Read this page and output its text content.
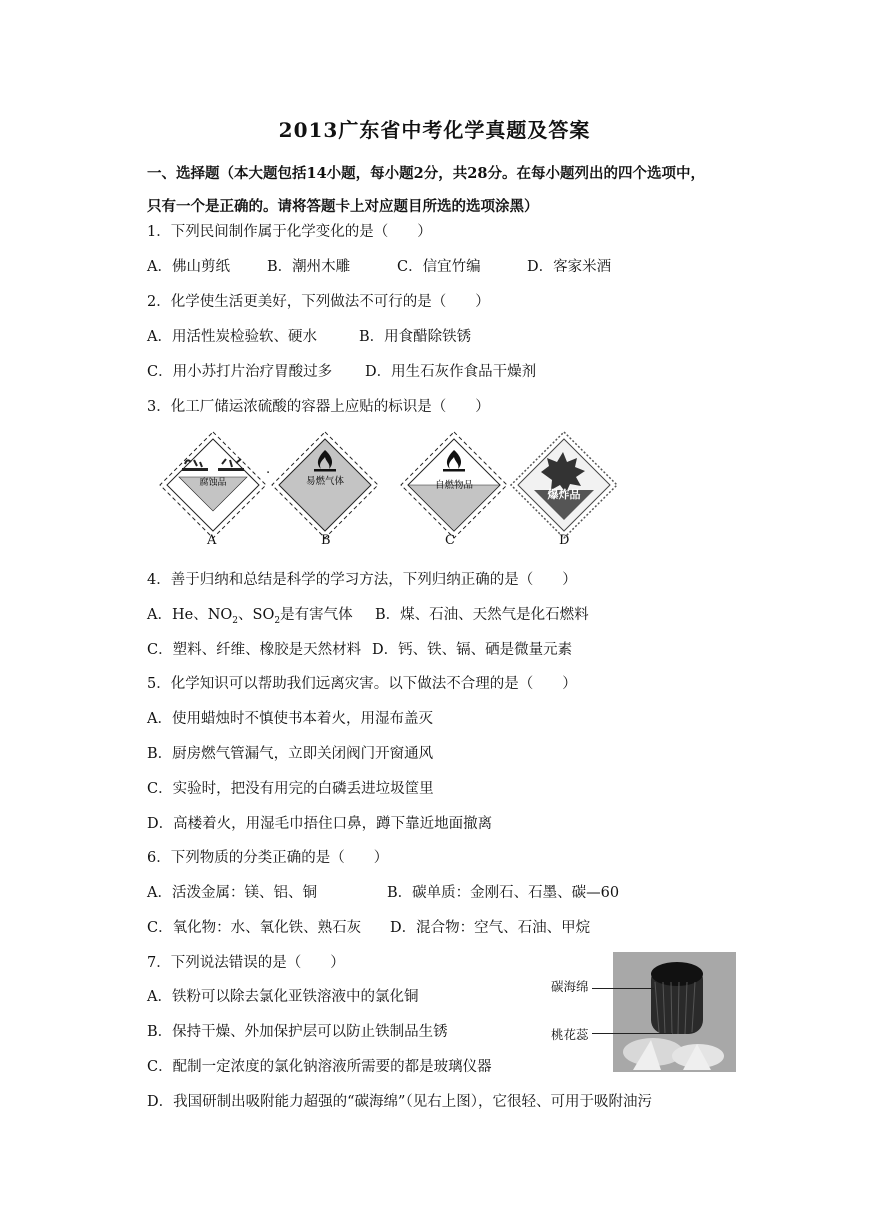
2013广东省中考化学真题及答案
一、选择题（本大题包括14小题，每小题2分，共28分。在每小题列出的四个选项中，
只有一个是正确的。请将答题卡上对应题目所选的选项涂黑）
1．下列民间制作属于化学变化的是（　　）
A．佛山剪纸	B．潮州木雕	C．信宜竹编	D．客家米酒
2．化学使生活更美好，下列做法不可行的是（　　）
A．用活性炭检验软、硬水	B．用食醋除铁锈
C．用小苏打片治疗胃酸过多 D．用生石灰作食品干燥剂
3．化工厂储运浓硫酸的容器上应贴的标识是（　　）
腐蚀品
.
易燃气体	自燃物品
爆炸品
A	B	C	D
4．善于归纳和总结是科学的学习方法，下列归纳正确的是（　　）
A．He、$NO_2$、$SO_2$是有害气体 B．煤、石油、天然气是化石燃料
C．塑料、纤维、橡胶是天然材料 D．钙、铁、镉、硒是微量元素
5．化学知识可以帮助我们远离灾害。以下做法不合理的是（　　）
A．使用蜡烛时不慎使书本着火，用湿布盖灭
B．厨房燃气管漏气，立即关闭阀门开窗通风
C．实验时，把没有用完的白磷丢进垃圾筐里
D．高楼着火，用湿毛巾捂住口鼻，蹲下靠近地面撤离
6．下列物质的分类正确的是（　　）
A．活泼金属：镁、铝、铜	B．碳单质：金刚石、石墨、碳—60
C．氧化物：水、氧化铁、熟石灰 D．混合物：空气、石油、甲烷
7．下列说法错误的是（　　）
A．铁粉可以除去氯化亚铁溶液中的氯化铜
B．保持干燥、外加保护层可以防止铁制品生锈
C．配制一定浓度的氯化钠溶液所需要的都是玻璃仪器
D．我国研制出吸附能力超强的“碳海绵”（见右上图），它很轻、可用于吸附油污
碳海绵
桃花蕊
